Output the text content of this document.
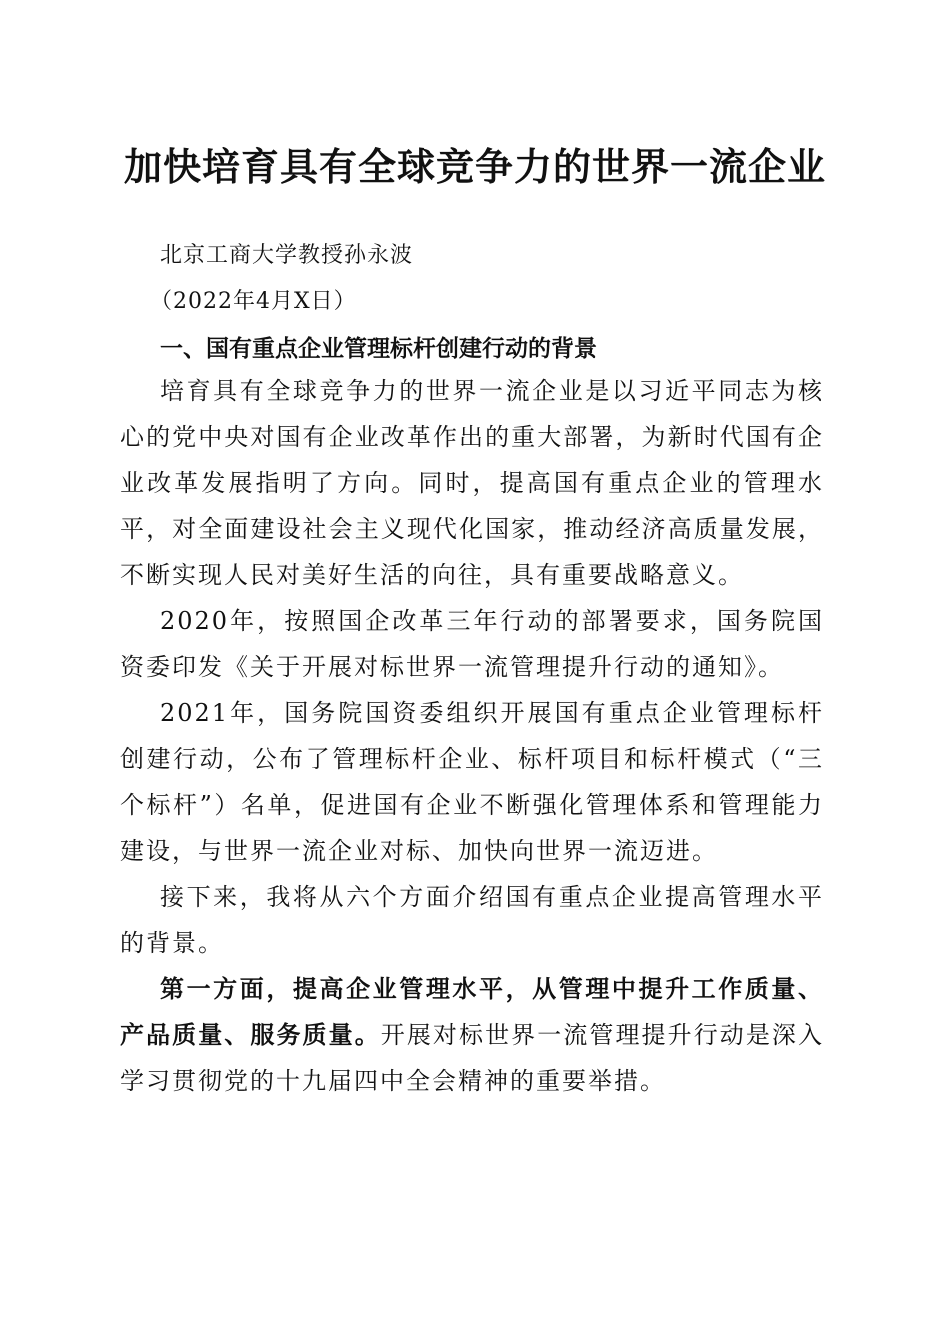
加快培育具有全球竞争力的世界一流企业
北京工商大学教授孙永波
（2022年4月X日）
一、国有重点企业管理标杆创建行动的背景

培育具有全球竞争力的世界一流企业是以习近平同志为核心的党中央对国有企业改革作出的重大部署，为新时代国有企业改革发展指明了方向。同时，提高国有重点企业的管理水平，对全面建设社会主义现代化国家，推动经济高质量发展，不断实现人民对美好生活的向往，具有重要战略意义。

2020年，按照国企改革三年行动的部署要求，国务院国资委印发《关于开展对标世界一流管理提升行动的通知》。

2021年，国务院国资委组织开展国有重点企业管理标杆创建行动，公布了管理标杆企业、标杆项目和标杆模式（“三个标杆”）名单，促进国有企业不断强化管理体系和管理能力建设，与世界一流企业对标、加快向世界一流迈进。

接下来，我将从六个方面介绍国有重点企业提高管理水平的背景。

第一方面，提高企业管理水平，从管理中提升工作质量、产品质量、服务质量。开展对标世界一流管理提升行动是深入学习贯彻党的十九届四中全会精神的重要举措。
